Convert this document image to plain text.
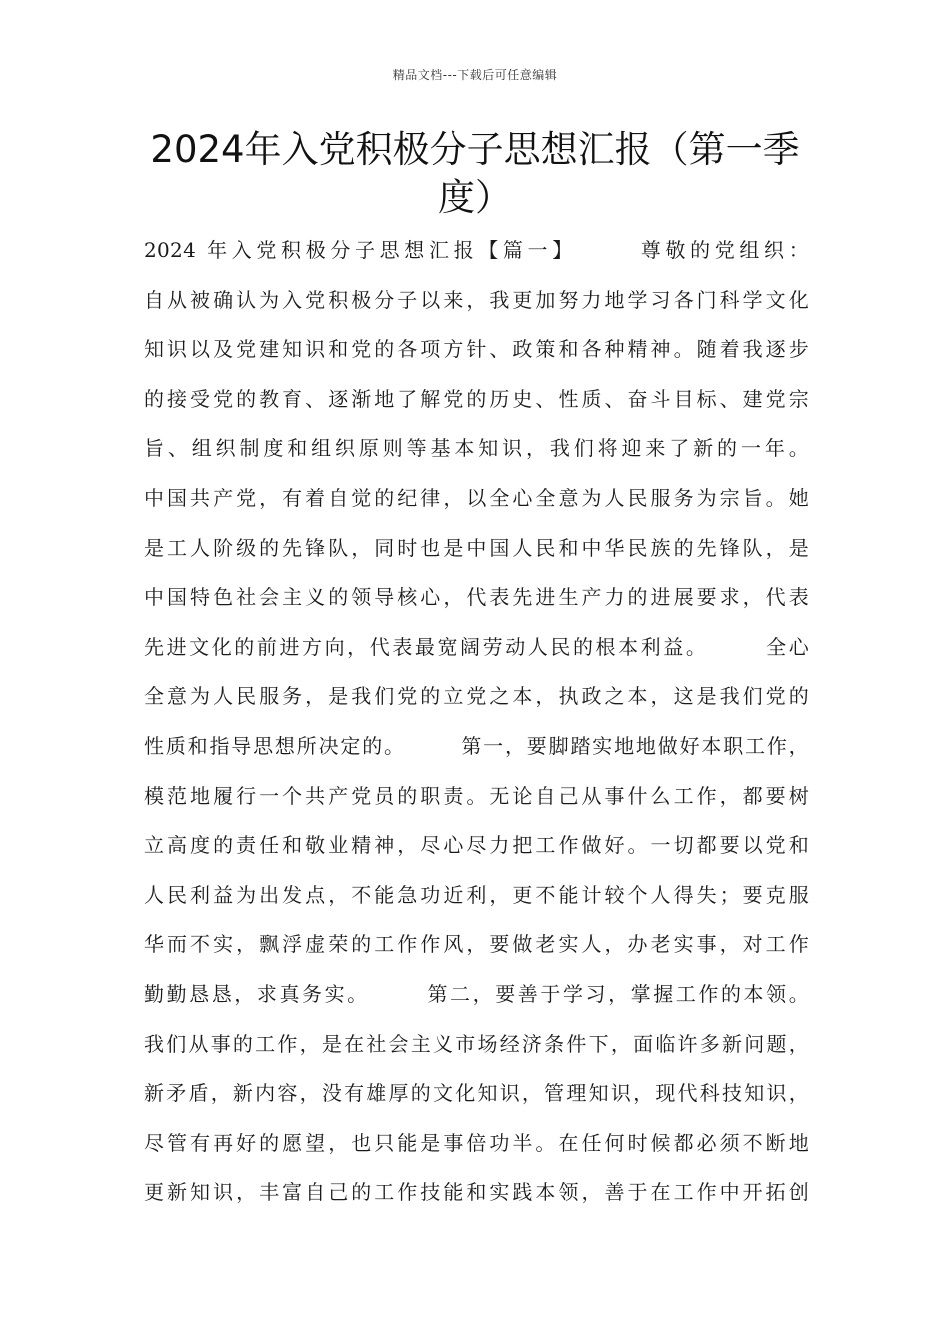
精品文档---下载后可任意编辑
2024年入党积极分子思想汇报（第一季度）
2024 年入党积极分子思想汇报【篇一】　　　尊敬的党组织：
自从被确认为入党积极分子以来，我更加努力地学习各门科学文化
知识以及党建知识和党的各项方针、政策和各种精神。随着我逐步
的接受党的教育、逐渐地了解党的历史、性质、奋斗目标、建党宗
旨、组织制度和组织原则等基本知识，我们将迎来了新的一年。
中国共产党，有着自觉的纪律，以全心全意为人民服务为宗旨。她
是工人阶级的先锋队，同时也是中国人民和中华民族的先锋队，是
中国特色社会主义的领导核心，代表先进生产力的进展要求，代表
先进文化的前进方向，代表最宽阔劳动人民的根本利益。　　　全心
全意为人民服务，是我们党的立党之本，执政之本，这是我们党的
性质和指导思想所决定的。　　　第一，要脚踏实地地做好本职工作，
模范地履行一个共产党员的职责。无论自己从事什么工作，都要树
立高度的责任和敬业精神，尽心尽力把工作做好。一切都要以党和
人民利益为出发点，不能急功近利，更不能计较个人得失；要克服
华而不实，飘浮虚荣的工作作风，要做老实人，办老实事，对工作
勤勤恳恳，求真务实。　　　第二，要善于学习，掌握工作的本领。
我们从事的工作，是在社会主义市场经济条件下，面临许多新问题，
新矛盾，新内容，没有雄厚的文化知识，管理知识，现代科技知识，
尽管有再好的愿望，也只能是事倍功半。在任何时候都必须不断地
更新知识，丰富自己的工作技能和实践本领，善于在工作中开拓创
